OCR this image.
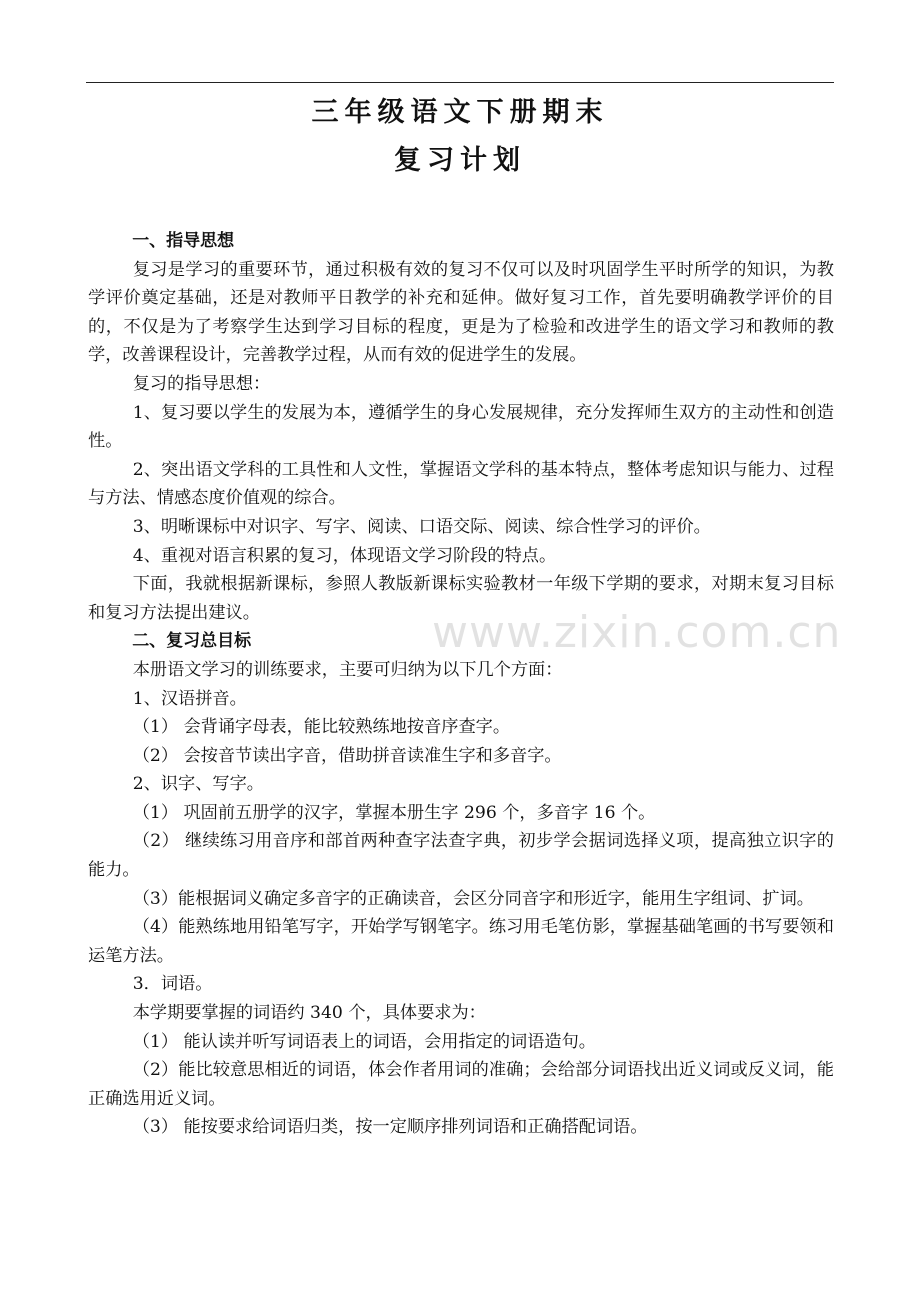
三年级语文下册期末
复习计划
一、指导思想

复习是学习的重要环节，通过积极有效的复习不仅可以及时巩固学生平时所学的知识，为教学评价奠定基础，还是对教师平日教学的补充和延伸。做好复习工作，首先要明确教学评价的目的，不仅是为了考察学生达到学习目标的程度，更是为了检验和改进学生的语文学习和教师的教学，改善课程设计，完善教学过程，从而有效的促进学生的发展。

复习的指导思想：

1、复习要以学生的发展为本，遵循学生的身心发展规律，充分发挥师生双方的主动性和创造性。

2、突出语文学科的工具性和人文性，掌握语文学科的基本特点，整体考虑知识与能力、过程与方法、情感态度价值观的综合。

3、明晰课标中对识字、写字、阅读、口语交际、阅读、综合性学习的评价。

4、重视对语言积累的复习，体现语文学习阶段的特点。

下面，我就根据新课标，参照人教版新课标实验教材一年级下学期的要求，对期末复习目标和复习方法提出建议。

二、复习总目标

本册语文学习的训练要求，主要可归纳为以下几个方面：

1、汉语拼音。

（1） 会背诵字母表，能比较熟练地按音序查字。

（2） 会按音节读出字音，借助拼音读准生字和多音字。

2、识字、写字。

（1） 巩固前五册学的汉字，掌握本册生字 296 个，多音字 16 个。

（2） 继续练习用音序和部首两种查字法查字典，初步学会据词选择义项，提高独立识字的能力。

（3）能根据词义确定多音字的正确读音，会区分同音字和形近字，能用生字组词、扩词。

（4）能熟练地用铅笔写字，开始学写钢笔字。练习用毛笔仿影，掌握基础笔画的书写要领和运笔方法。

3．词语。

本学期要掌握的词语约 340 个，具体要求为：

（1） 能认读并听写词语表上的词语，会用指定的词语造句。

（2）能比较意思相近的词语，体会作者用词的准确；会给部分词语找出近义词或反义词，能正确选用近义词。

（3） 能按要求给词语归类，按一定顺序排列词语和正确搭配词语。

www.zixin.com.cn
